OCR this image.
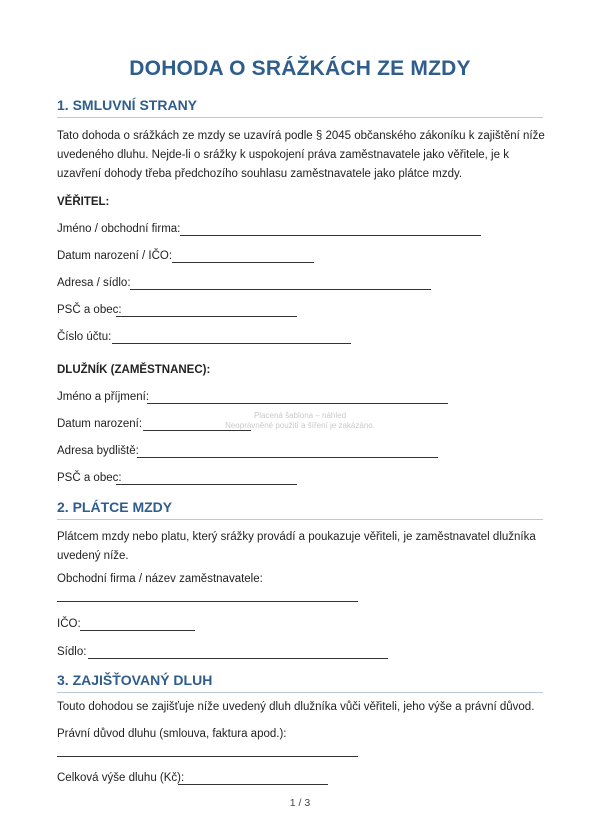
DOHODA O SRÁŽKÁCH ZE MZDY
1. SMLUVNÍ STRANY
Tato dohoda o srážkách ze mzdy se uzavírá podle § 2045 občanského zákoníku k zajištění níže uvedeného dluhu. Nejde-li o srážky k uspokojení práva zaměstnavatele jako věřitele, je k uzavření dohody třeba předchozího souhlasu zaměstnavatele jako plátce mzdy.
VĚŘITEL:
Jméno / obchodní firma:
Datum narození / IČO:
Adresa / sídlo:
PSČ a obec:
Číslo účtu:
DLUŽNÍK (ZAMĚSTNANEC):
Jméno a příjmení:
Datum narození:
Adresa bydliště:
PSČ a obec:
Placená šablona – náhled
Neoprávněné použití a šíření je zakázáno.
2. PLÁTCE MZDY
Plátcem mzdy nebo platu, který srážky provádí a poukazuje věřiteli, je zaměstnavatel dlužníka uvedený níže.
Obchodní firma / název zaměstnavatele:
IČO:
Sídlo:
3. ZAJIŠŤOVANÝ DLUH
Touto dohodou se zajišťuje níže uvedený dluh dlužníka vůči věřiteli, jeho výše a právní důvod.
Právní důvod dluhu (smlouva, faktura apod.):
Celková výše dluhu (Kč):
1 / 3
